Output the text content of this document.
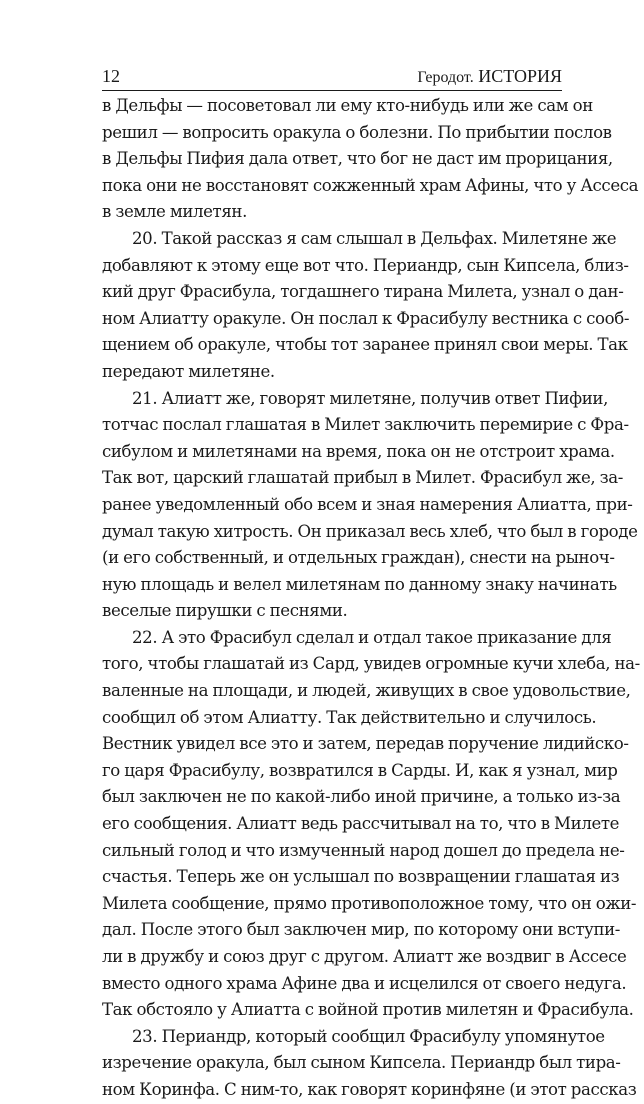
12	Геродот. ИСТОРИЯ
в Дельфы — посоветовал ли ему кто-нибудь или же сам он
решил — вопросить оракула о болезни. По прибытии послов
в Дельфы Пифия дала ответ, что бог не даст им прорицания,
пока они не восстановят сожженный храм Афины, что у Ассеса
в земле милетян.
20. Такой рассказ я сам слышал в Дельфах. Милетяне же
добавляют к этому еще вот что. Периандр, сын Кипсела, близ-
кий друг Фрасибула, тогдашнего тирана Милета, узнал о дан-
ном Алиатту оракуле. Он послал к Фрасибулу вестника с сооб-
щением об оракуле, чтобы тот заранее принял свои меры. Так
передают милетяне.
21. Алиатт же, говорят милетяне, получив ответ Пифии,
тотчас послал глашатая в Милет заключить перемирие с Фра-
сибулом и милетянами на время, пока он не отстроит храма.
Так вот, царский глашатай прибыл в Милет. Фрасибул же, за-
ранее уведомленный обо всем и зная намерения Алиатта, при-
думал такую хитрость. Он приказал весь хлеб, что был в городе
(и его собственный, и отдельных граждан), снести на рыноч-
ную площадь и велел милетянам по данному знаку начинать
веселые пирушки с песнями.
22. А это Фрасибул сделал и отдал такое приказание для
того, чтобы глашатай из Сард, увидев огромные кучи хлеба, на-
валенные на площади, и людей, живущих в свое удовольствие,
сообщил об этом Алиатту. Так действительно и случилось.
Вестник увидел все это и затем, передав поручение лидийско-
го царя Фрасибулу, возвратился в Сарды. И, как я узнал, мир
был заключен не по какой-либо иной причине, а только из-за
его сообщения. Алиатт ведь рассчитывал на то, что в Милете
сильный голод и что измученный народ дошел до предела не-
счастья. Теперь же он услышал по возвращении глашатая из
Милета сообщение, прямо противоположное тому, что он ожи-
дал. После этого был заключен мир, по которому они вступи-
ли в дружбу и союз друг с другом. Алиатт же воздвиг в Ассесе
вместо одного храма Афине два и исцелился от своего недуга.
Так обстояло у Алиатта с войной против милетян и Фрасибула.
23. Периандр, который сообщил Фрасибулу упомянутое
изречение оракула, был сыном Кипсела. Периандр был тира-
ном Коринфа. С ним-то, как говорят коринфяне (и этот рассказ
